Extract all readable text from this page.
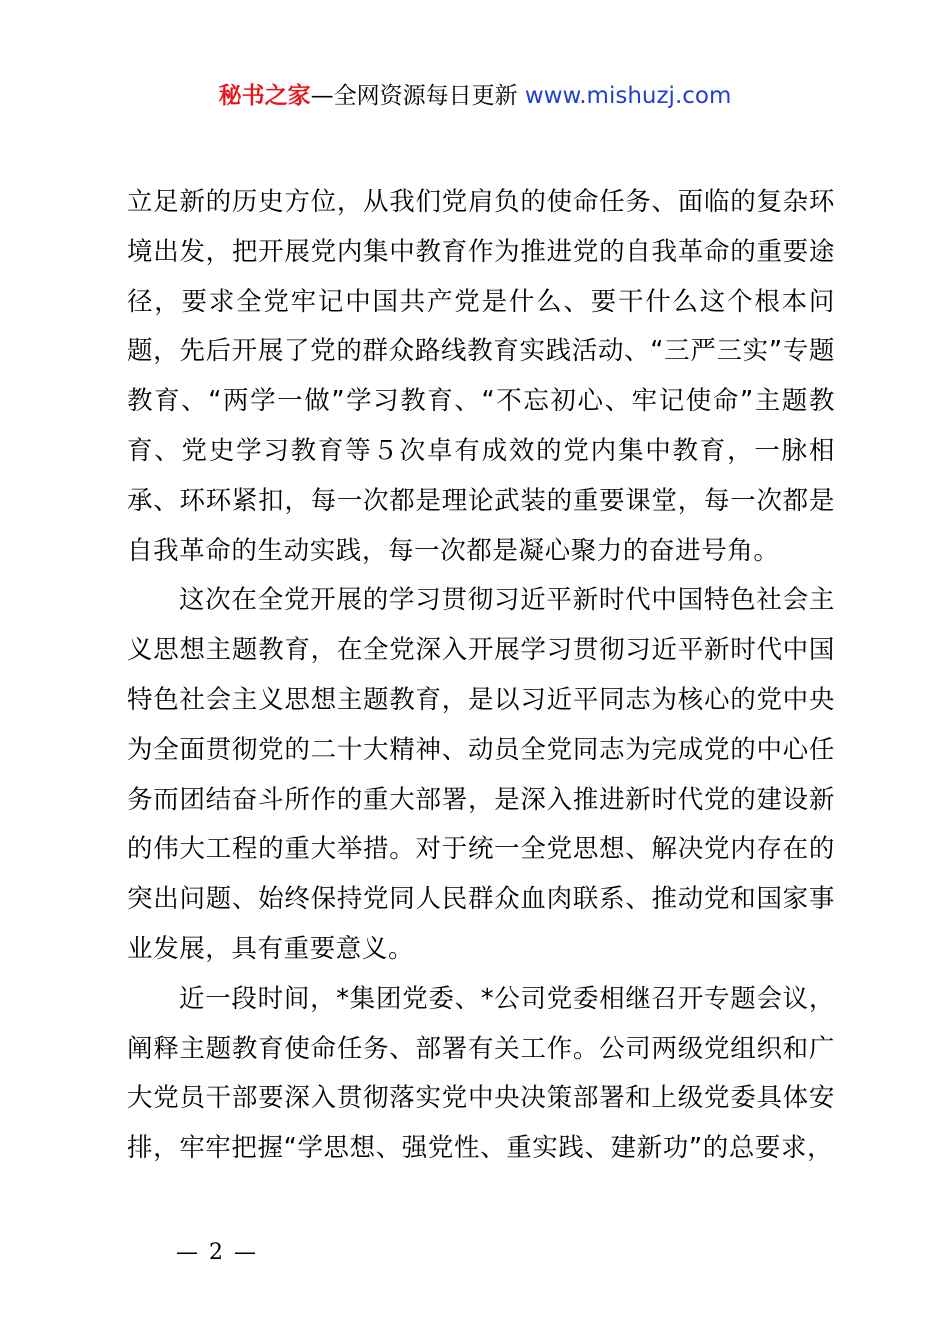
秘书之家—全网资源每日更新 www.mishuzj.com

立足新的历史方位，从我们党肩负的使命任务、面临的复杂环境出发，把开展党内集中教育作为推进党的自我革命的重要途径，要求全党牢记中国共产党是什么、要干什么这个根本问题，先后开展了党的群众路线教育实践活动、“三严三实”专题教育、“两学一做”学习教育、“不忘初心、牢记使命”主题教育、党史学习教育等５次卓有成效的党内集中教育，一脉相承、环环紧扣，每一次都是理论武装的重要课堂，每一次都是自我革命的生动实践，每一次都是凝心聚力的奋进号角。

这次在全党开展的学习贯彻习近平新时代中国特色社会主义思想主题教育，在全党深入开展学习贯彻习近平新时代中国特色社会主义思想主题教育，是以习近平同志为核心的党中央为全面贯彻党的二十大精神、动员全党同志为完成党的中心任务而团结奋斗所作的重大部署，是深入推进新时代党的建设新的伟大工程的重大举措。对于统一全党思想、解决党内存在的突出问题、始终保持党同人民群众血肉联系、推动党和国家事业发展，具有重要意义。

近一段时间，*集团党委、*公司党委相继召开专题会议，阐释主题教育使命任务、部署有关工作。公司两级党组织和广大党员干部要深入贯彻落实党中央决策部署和上级党委具体安排，牢牢把握“学思想、强党性、重实践、建新功”的总要求，

— 2 —
